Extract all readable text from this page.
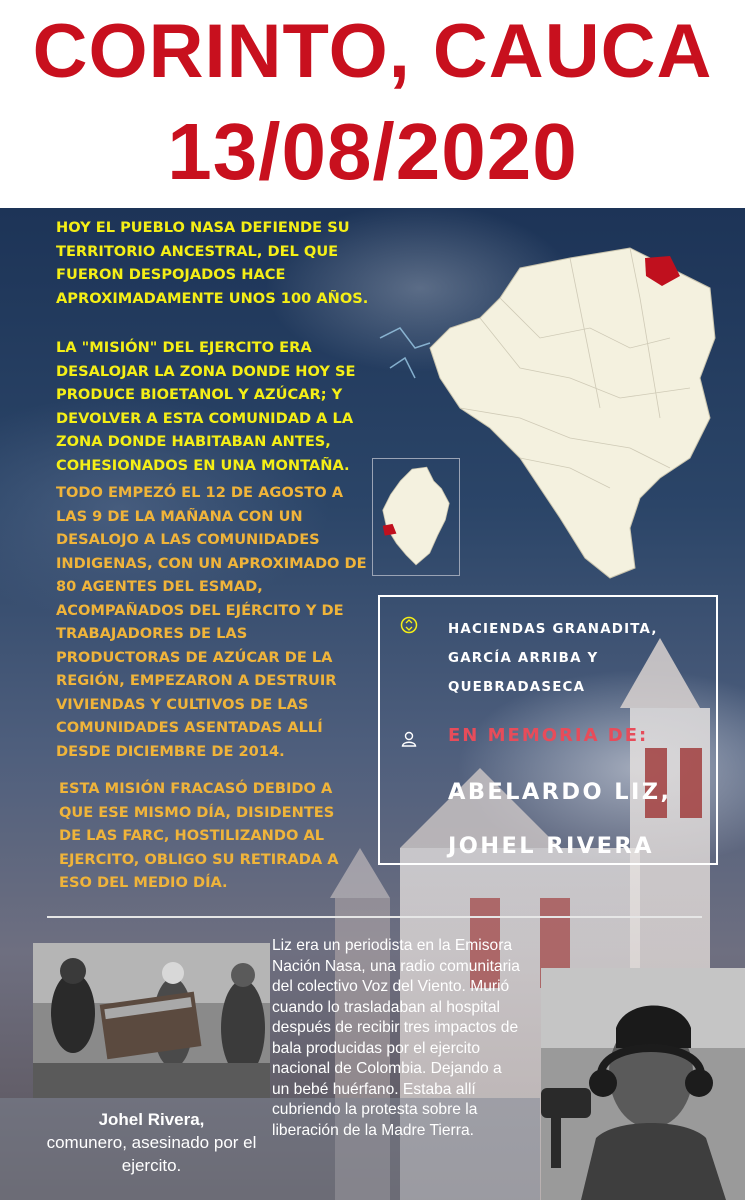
CORINTO, CAUCA
13/08/2020
HOY EL PUEBLO NASA DEFIENDE SU TERRITORIO ANCESTRAL, DEL QUE FUERON DESPOJADOS HACE APROXIMADAMENTE UNOS 100 AÑOS.
LA "MISIÓN" DEL EJERCITO ERA DESALOJAR LA ZONA DONDE HOY SE PRODUCE BIOETANOL Y AZÚCAR; Y DEVOLVER A ESTA COMUNIDAD A LA ZONA DONDE HABITABAN ANTES, COHESIONADOS EN UNA MONTAÑA.
TODO EMPEZÓ EL 12 DE AGOSTO A LAS 9 DE LA MAÑANA CON UN DESALOJO A LAS COMUNIDADES INDIGENAS, CON UN APROXIMADO DE 80 AGENTES DEL ESMAD, ACOMPAÑADOS DEL EJÉRCITO Y DE TRABAJADORES DE LAS PRODUCTORAS DE AZÚCAR DE LA REGIÓN, EMPEZARON A DESTRUIR VIVIENDAS Y CULTIVOS DE LAS COMUNIDADES ASENTADAS ALLÍ DESDE DICIEMBRE DE 2014.
ESTA MISIÓN FRACASÓ DEBIDO A QUE ESE MISMO DÍA, DISIDENTES DE LAS FARC, HOSTILIZANDO AL EJERCITO, OBLIGO SU RETIRADA A ESO DEL MEDIO DÍA.
HACIENDAS GRANADITA, GARCÍA ARRIBA Y QUEBRADASECA
EN MEMORIA DE:
ABELARDO LIZ,
JOHEL RIVERA
Johel Rivera,
comunero, asesinado por el ejercito.
Liz era un periodista en la Emisora Nación Nasa, una radio comunitaria del colectivo Voz del Viento. Murió cuando lo trasladaban al hospital después de recibir tres impactos de bala producidas por el ejercito nacional de Colombia. Dejando a un bebé huérfano. Estaba allí cubriendo la protesta sobre la liberación de la Madre Tierra.
